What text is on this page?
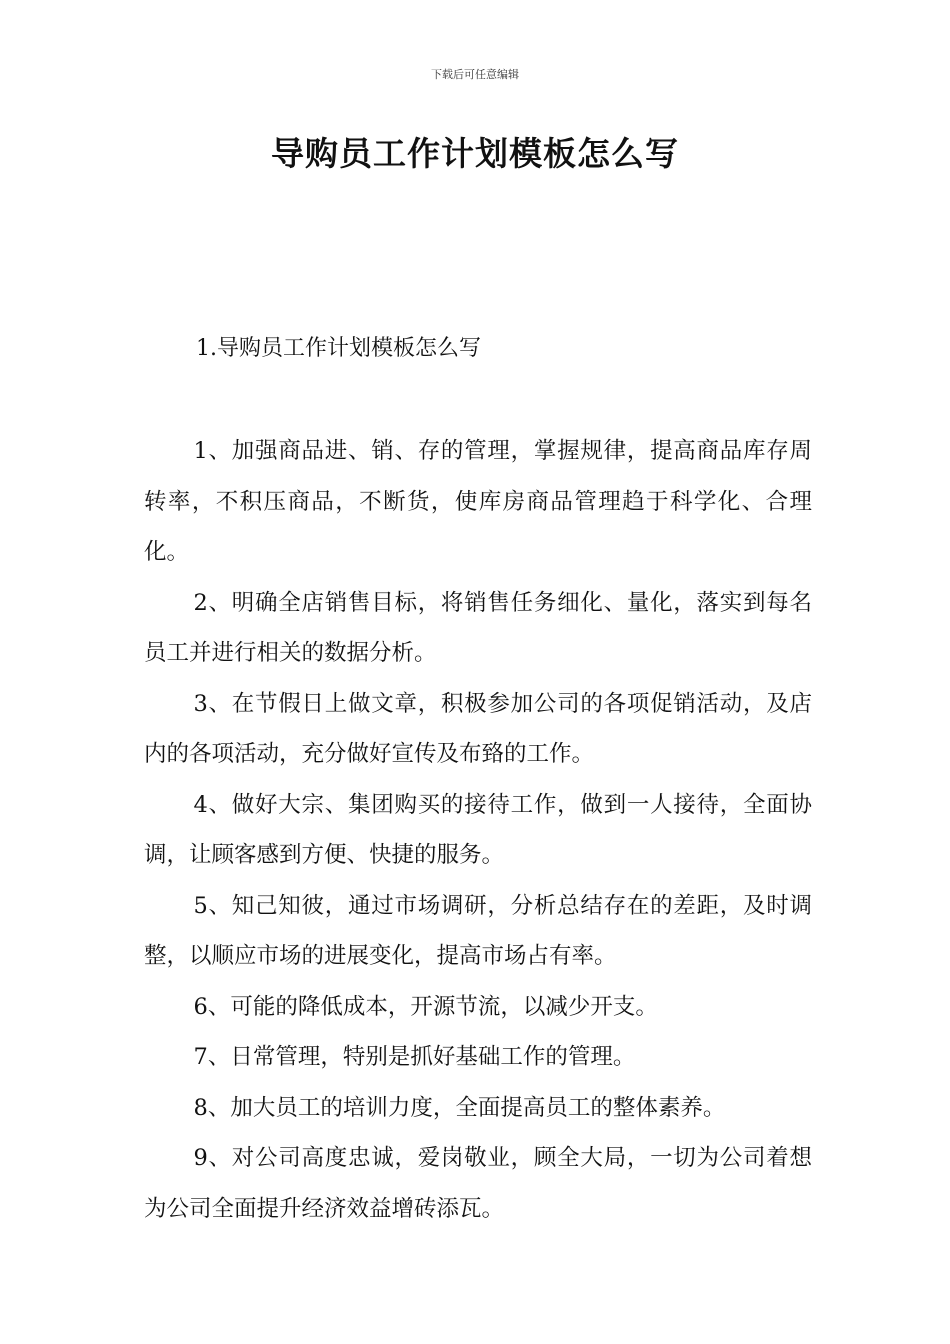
下载后可任意编辑
导购员工作计划模板怎么写
1.导购员工作计划模板怎么写

1、加强商品进、销、存的管理，掌握规律，提高商品库存周转率，不积压商品，不断货，使库房商品管理趋于科学化、合理化。

2、明确全店销售目标，将销售任务细化、量化，落实到每名员工并进行相关的数据分析。

3、在节假日上做文章，积极参加公司的各项促销活动，及店内的各项活动，充分做好宣传及布臵的工作。

4、做好大宗、集团购买的接待工作，做到一人接待，全面协调，让顾客感到方便、快捷的服务。

5、知己知彼，通过市场调研，分析总结存在的差距，及时调整，以顺应市场的进展变化，提高市场占有率。

6、可能的降低成本，开源节流，以减少开支。

7、日常管理，特别是抓好基础工作的管理。

8、加大员工的培训力度，全面提高员工的整体素养。

9、对公司高度忠诚，爱岗敬业，顾全大局，一切为公司着想为公司全面提升经济效益增砖添瓦。
